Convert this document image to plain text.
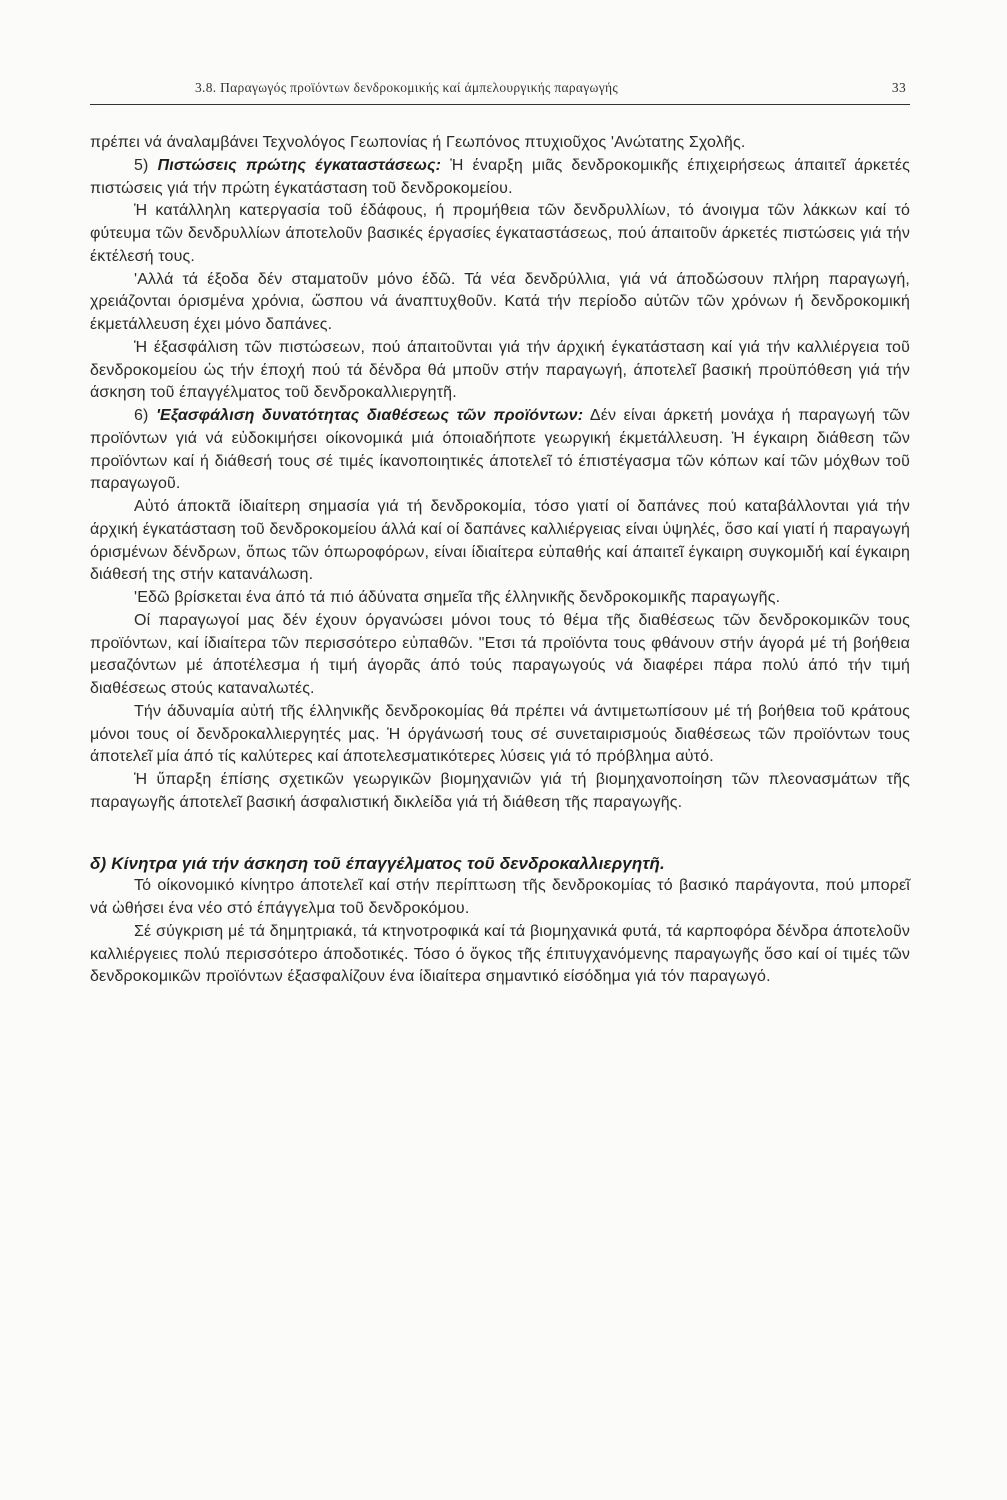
3.8. Παραγωγός προϊόντων δενδροκομικής καί άμπελουργικής παραγωγής	33

πρέπει νά άναλαμβάνει Τεχνολόγος Γεωπονίας ή Γεωπόνος πτυχιοῦχος 'Ανώτατης Σχολῆς.

5) Πιστώσεις πρώτης έγκαταστάσεως: Ἡ έναρξη μιᾶς δενδροκομικῆς έπιχειρήσεως άπαιτεῖ άρκετές πιστώσεις γιά τήν πρώτη έγκατάσταση τοῦ δενδροκομείου.

Ἡ κατάλληλη κατεργασία τοῦ έδάφους, ή προμήθεια τῶν δενδρυλλίων, τό άνοιγμα τῶν λάκκων καί τό φύτευμα τῶν δενδρυλλίων άποτελοῦν βασικές έργασίες έγκαταστάσεως, πού άπαιτοῦν άρκετές πιστώσεις γιά τήν έκτέλεσή τους.

'Αλλά τά έξοδα δέν σταματοῦν μόνο έδῶ. Τά νέα δενδρύλλια, γιά νά άποδώσουν πλήρη παραγωγή, χρειάζονται όρισμένα χρόνια, ὥσπου νά άναπτυχθοῦν. Κατά τήν περίοδο αὐτῶν τῶν χρόνων ή δενδροκομική έκμετάλλευση έχει μόνο δαπάνες.

Ἡ έξασφάλιση τῶν πιστώσεων, πού άπαιτοῦνται γιά τήν άρχική έγκατάσταση καί γιά τήν καλλιέργεια τοῦ δενδροκομείου ὡς τήν έποχή πού τά δένδρα θά μποῦν στήν παραγωγή, άποτελεῖ βασική προϋπόθεση γιά τήν άσκηση τοῦ έπαγγέλματος τοῦ δενδροκαλλιεργητῆ.

6) 'Εξασφάλιση δυνατότητας διαθέσεως τῶν προϊόντων: Δέν είναι άρκετή μονάχα ή παραγωγή τῶν προϊόντων γιά νά εὐδοκιμήσει οίκονομικά μιά όποιαδήποτε γεωργική έκμετάλλευση. Ἡ έγκαιρη διάθεση τῶν προϊόντων καί ή διάθεσή τους σέ τιμές ίκανοποιητικές άποτελεῖ τό έπιστέγασμα τῶν κόπων καί τῶν μόχθων τοῦ παραγωγοῦ.

Αὐτό άποκτᾶ ίδιαίτερη σημασία γιά τή δενδροκομία, τόσο γιατί οί δαπάνες πού καταβάλλονται γιά τήν άρχική έγκατάσταση τοῦ δενδροκομείου άλλά καί οί δαπάνες καλλιέργειας είναι ὑψηλές, ὅσο καί γιατί ή παραγωγή όρισμένων δένδρων, ὅπως τῶν όπωροφόρων, είναι ίδιαίτερα εὐπαθής καί άπαιτεῖ έγκαιρη συγκομιδή καί έγκαιρη διάθεσή της στήν κατανάλωση.

'Εδῶ βρίσκεται ένα άπό τά πιό άδύνατα σημεῖα τῆς έλληνικῆς δενδροκομικῆς παραγωγῆς.

Οί παραγωγοί μας δέν έχουν όργανώσει μόνοι τους τό θέμα τῆς διαθέσεως τῶν δενδροκομικῶν τους προϊόντων, καί ίδιαίτερα τῶν περισσότερο εὐπαθῶν. "Ετσι τά προϊόντα τους φθάνουν στήν άγορά μέ τή βοήθεια μεσαζόντων μέ άποτέλεσμα ή τιμή άγορᾶς άπό τούς παραγωγούς νά διαφέρει πάρα πολύ άπό τήν τιμή διαθέσεως στούς καταναλωτές.

Τήν άδυναμία αὐτή τῆς έλληνικῆς δενδροκομίας θά πρέπει νά άντιμετωπίσουν μέ τή βοήθεια τοῦ κράτους μόνοι τους οί δενδροκαλλιεργητές μας. Ἡ όργάνωσή τους σέ συνεταιρισμούς διαθέσεως τῶν προϊόντων τους άποτελεῖ μία άπό τίς καλύτερες καί άποτελεσματικότερες λύσεις γιά τό πρόβλημα αὐτό.

Ἡ ὕπαρξη έπίσης σχετικῶν γεωργικῶν βιομηχανιῶν γιά τή βιομηχανοποίηση τῶν πλεονασμάτων τῆς παραγωγῆς άποτελεῖ βασική άσφαλιστική δικλείδα γιά τή διάθεση τῆς παραγωγῆς.

δ) Κίνητρα γιά τήν άσκηση τοῦ έπαγγέλματος τοῦ δενδροκαλλιεργητῆ.

Τό οίκονομικό κίνητρο άποτελεῖ καί στήν περίπτωση τῆς δενδροκομίας τό βασικό παράγοντα, πού μπορεῖ νά ὠθήσει ένα νέο στό έπάγγελμα τοῦ δενδροκόμου.

Σέ σύγκριση μέ τά δημητριακά, τά κτηνοτροφικά καί τά βιομηχανικά φυτά, τά καρποφόρα δένδρα άποτελοῦν καλλιέργειες πολύ περισσότερο άποδοτικές. Τόσο ό ὄγκος τῆς έπιτυγχανόμενης παραγωγῆς ὅσο καί οί τιμές τῶν δενδροκομικῶν προϊόντων έξασφαλίζουν ένα ίδιαίτερα σημαντικό είσόδημα γιά τόν παραγωγό.
